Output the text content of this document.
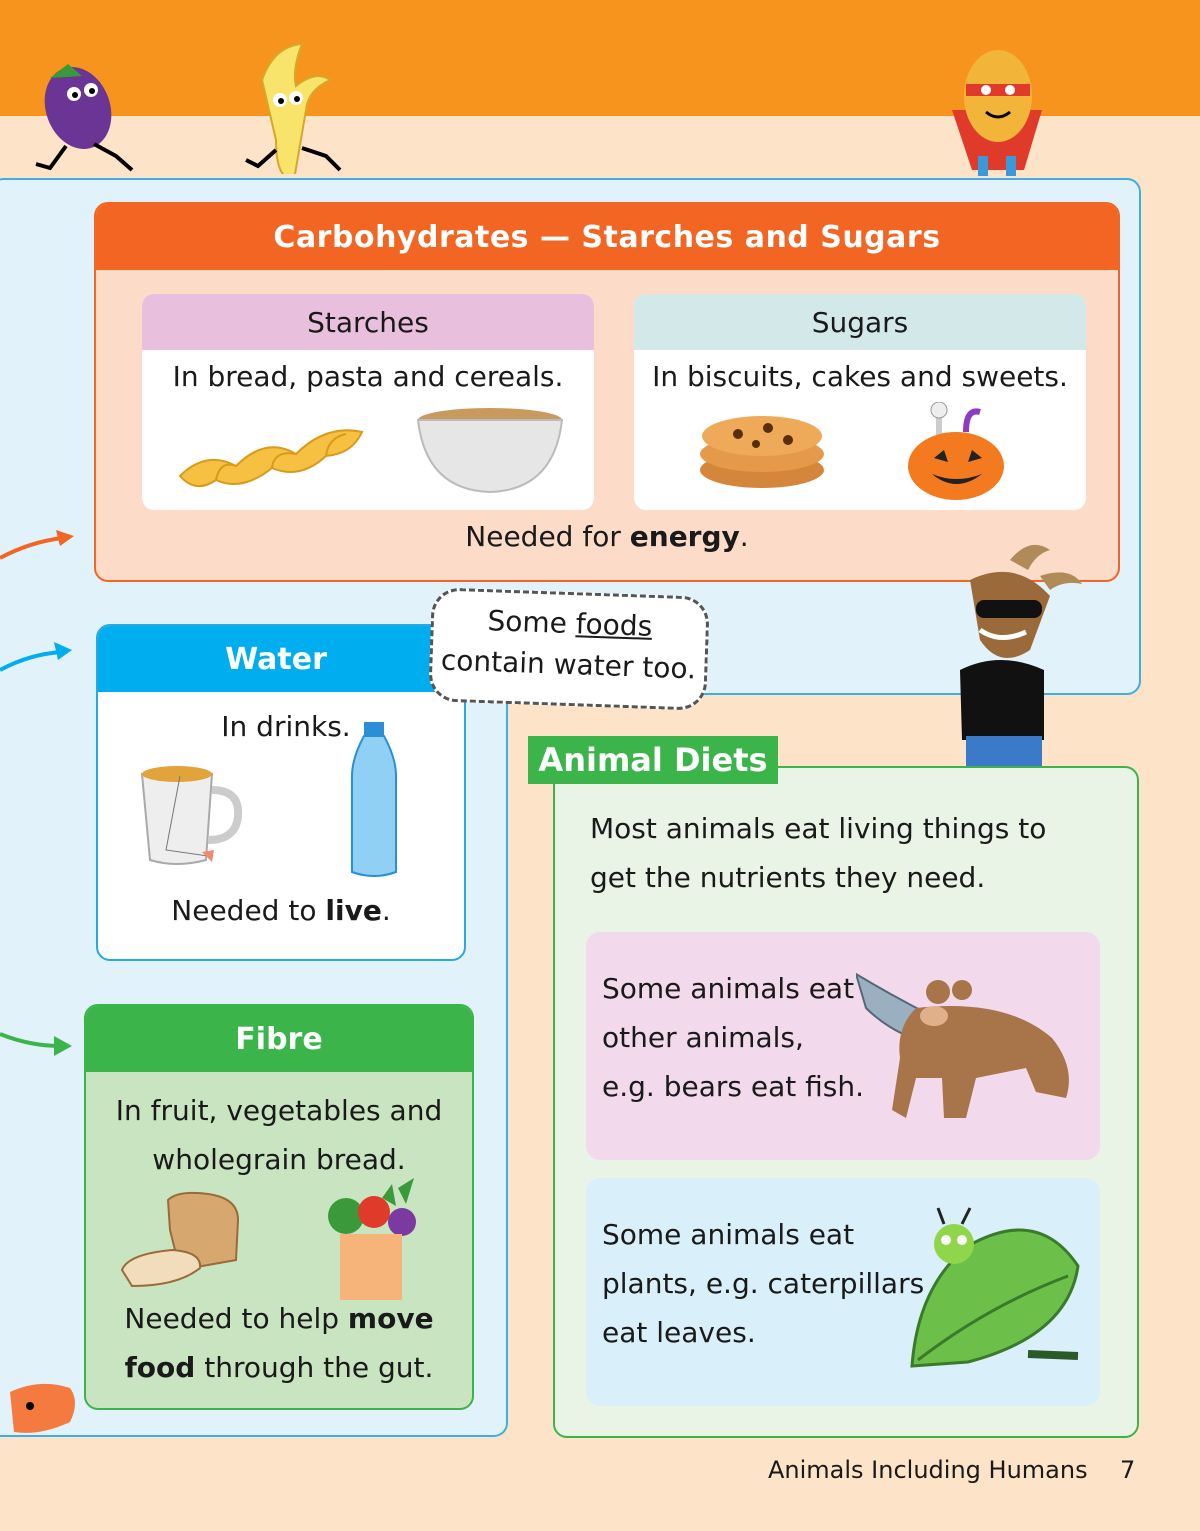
Carbohydrates — Starches and Sugars
Starches
In bread, pasta and cereals.
Sugars
In biscuits, cakes and sweets.
Needed for energy.
Water
In drinks.
Needed to live.
Some foods
contain water too.
Fibre
In fruit, vegetables and
wholegrain bread.
Needed to help move
food through the gut.
Animal Diets
Most animals eat living things to
get the nutrients they need.
Some animals eat
other animals,
e.g. bears eat fish.
Some animals eat
plants, e.g. caterpillars
eat leaves.
Animals Including Humans 7
